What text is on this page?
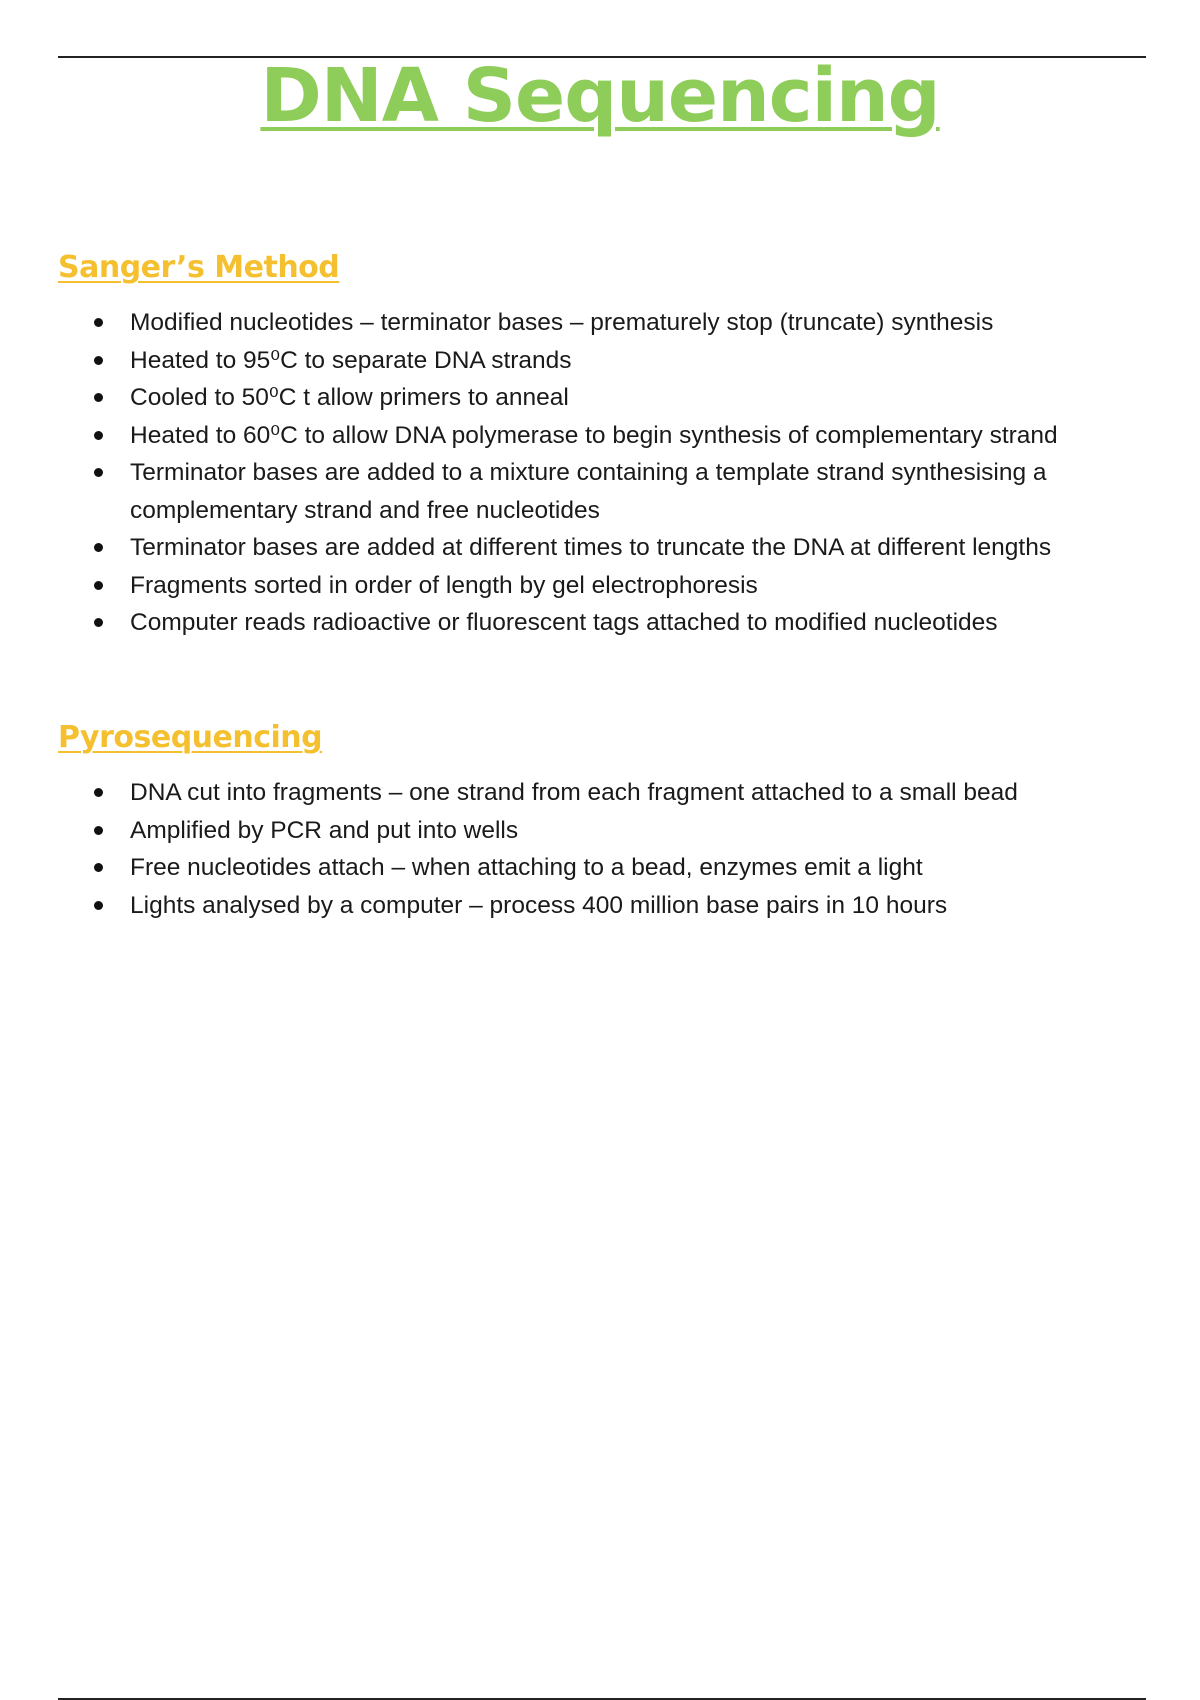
DNA Sequencing
Sanger’s Method
Modified nucleotides – terminator bases – prematurely stop (truncate) synthesis
Heated to 95⁰C to separate DNA strands
Cooled to 50⁰C t allow primers to anneal
Heated to 60⁰C to allow DNA polymerase to begin synthesis of complementary strand
Terminator bases are added to a mixture containing a template strand synthesising a complementary strand and free nucleotides
Terminator bases are added at different times to truncate the DNA at different lengths
Fragments sorted in order of length by gel electrophoresis
Computer reads radioactive or fluorescent tags attached to modified nucleotides
Pyrosequencing
DNA cut into fragments – one strand from each fragment attached to a small bead
Amplified by PCR and put into wells
Free nucleotides attach – when attaching to a bead, enzymes emit a light
Lights analysed by a computer – process 400 million base pairs in 10 hours
